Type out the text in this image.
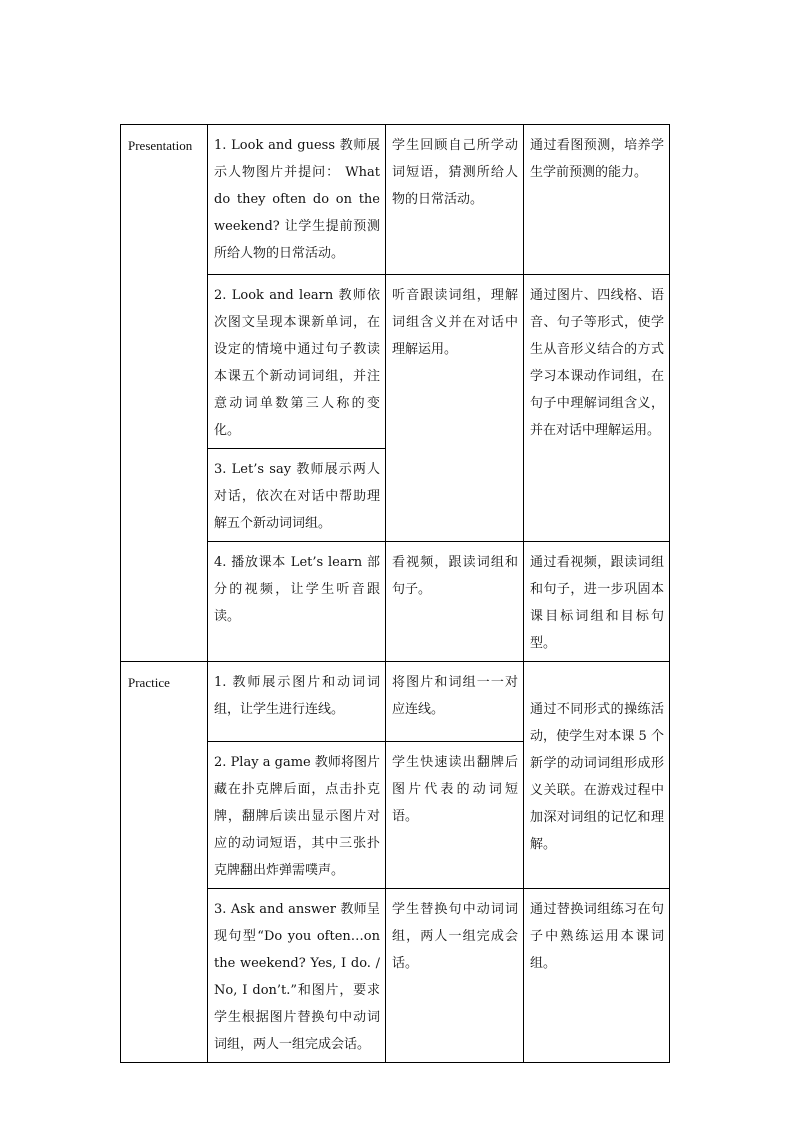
Presentation	1. Look and guess 教师展示人物图片并提问： What do they often do on the weekend? 让学生提前预测所给人物的日常活动。	学生回顾自己所学动词短语，猜测所给人物的日常活动。	通过看图预测，培养学生学前预测的能力。
	2. Look and learn 教师依次图文呈现本课新单词，在设定的情境中通过句子教读本课五个新动词词组，并注意动词单数第三人称的变化。	听音跟读词组，理解词组含义并在对话中理解运用。	通过图片、四线格、语音、句子等形式，使学生从音形义结合的方式学习本课动作词组，在句子中理解词组含义，并在对话中理解运用。
	3. Let’s say 教师展示两人对话，依次在对话中帮助理解五个新动词词组。		
	4. 播放课本 Let’s learn 部分的视频，让学生听音跟读。	看视频，跟读词组和句子。	通过看视频，跟读词组和句子，进一步巩固本课目标词组和目标句型。
Practice	1. 教师展示图片和动词词组，让学生进行连线。	将图片和词组一一对应连线。	通过不同形式的操练活动，使学生对本课 5 个新学的动词词组形成形义关联。在游戏过程中加深对词组的记忆和理解。
	2. Play a game 教师将图片藏在扑克牌后面，点击扑克牌，翻牌后读出显示图片对应的动词短语，其中三张扑克牌翻出炸弹需噗声。	学生快速读出翻牌后图片代表的动词短语。	
	3. Ask and answer 教师呈现句型“Do you often…on the weekend? Yes, I do. / No, I don’t.”和图片，要求学生根据图片替换句中动词词组，两人一组完成会话。	学生替换句中动词词组，两人一组完成会话。	通过替换词组练习在句子中熟练运用本课词组。
